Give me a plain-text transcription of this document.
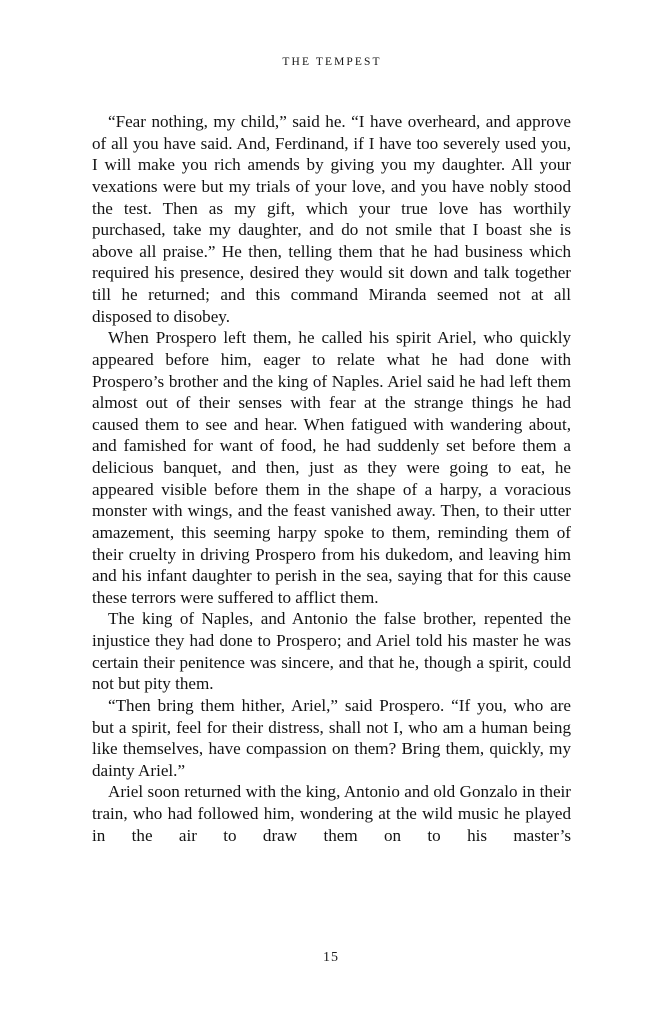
THE TEMPEST

“Fear nothing, my child,” said he. “I have overheard, and approve of all you have said. And, Ferdinand, if I have too severely used you, I will make you rich amends by giving you my daughter. All your vexations were but my trials of your love, and you have nobly stood the test. Then as my gift, which your true love has worthily purchased, take my daughter, and do not smile that I boast she is above all praise.” He then, telling them that he had business which required his presence, desired they would sit down and talk together till he returned; and this command Miranda seemed not at all disposed to disobey.

When Prospero left them, he called his spirit Ariel, who quickly appeared before him, eager to relate what he had done with Prospero’s brother and the king of Naples. Ariel said he had left them almost out of their senses with fear at the strange things he had caused them to see and hear. When fatigued with wandering about, and famished for want of food, he had suddenly set before them a delicious banquet, and then, just as they were going to eat, he appeared visible before them in the shape of a harpy, a voracious monster with wings, and the feast vanished away. Then, to their utter amazement, this seeming harpy spoke to them, reminding them of their cruelty in driving Prospero from his dukedom, and leaving him and his infant daughter to perish in the sea, saying that for this cause these terrors were suffered to afflict them.

The king of Naples, and Antonio the false brother, repented the injustice they had done to Prospero; and Ariel told his master he was certain their penitence was sincere, and that he, though a spirit, could not but pity them.

“Then bring them hither, Ariel,” said Prospero. “If you, who are but a spirit, feel for their distress, shall not I, who am a human being like themselves, have compassion on them? Bring them, quickly, my dainty Ariel.”

Ariel soon returned with the king, Antonio and old Gonzalo in their train, who had followed him, wondering at the wild music he played in the air to draw them on to his master’s

15
